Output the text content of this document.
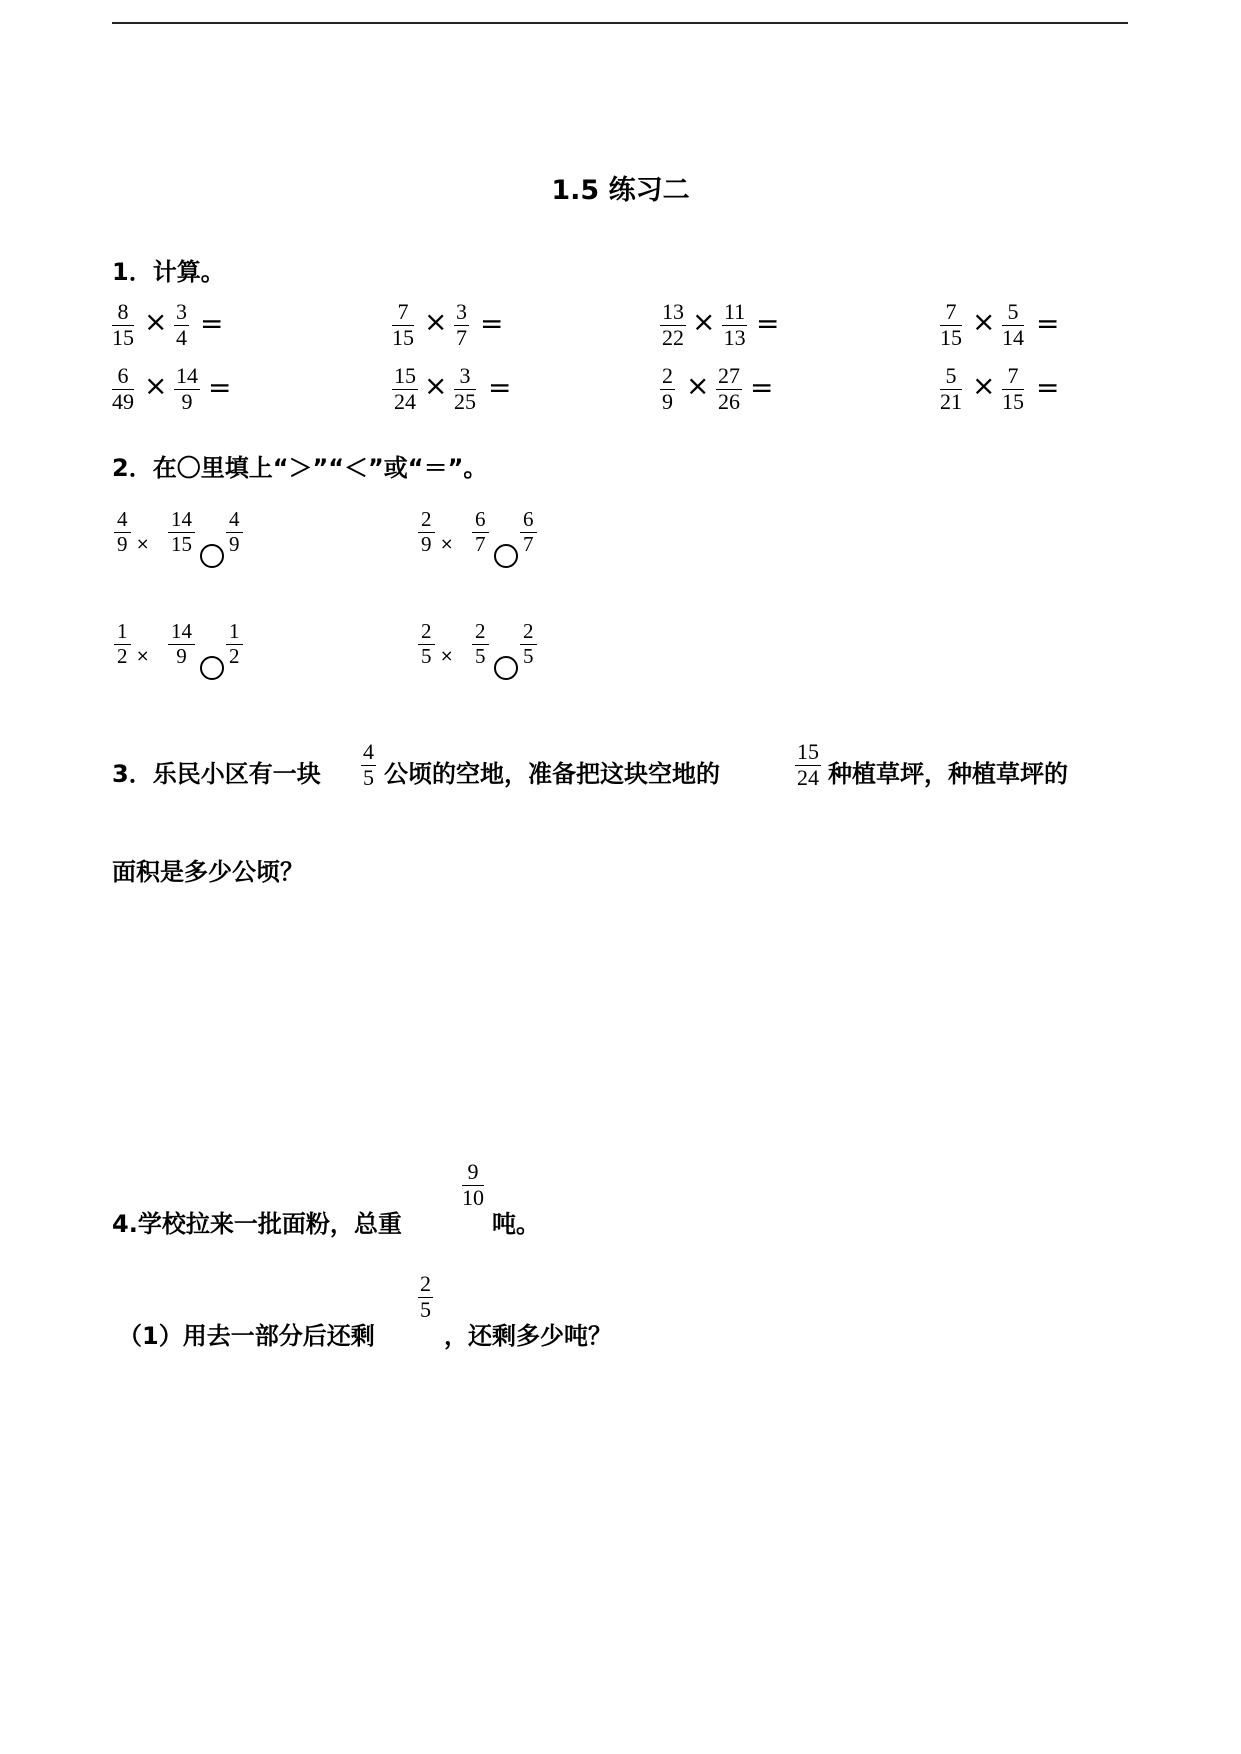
1.5 练习二
1．计算。
$\frac{8}{15} \times \frac{3}{4}$ =	$\frac{7}{15} \times \frac{3}{7}$ =	$\frac{13}{22} \times \frac{11}{13}$ =	$\frac{7}{15} \times \frac{5}{14}$ =
$\frac{6}{49} \times \frac{14}{9}$ =	$\frac{15}{24} \times \frac{3}{25}$ =	$\frac{2}{9} \times \frac{27}{26}$ =	$\frac{5}{21} \times \frac{7}{15}$ =
2．在〇里填上“＞”“＜”或“＝”。
$\frac{4}{9} \times \frac{14}{15} \frac{4}{9}$	$\frac{2}{9} \times \frac{6}{7} \frac{6}{7}$
$\frac{1}{2} \times \frac{14}{9} \frac{1}{2}$	$\frac{2}{5} \times \frac{2}{5} \frac{2}{5}$
3．乐民小区有一块 $\frac{4}{5}$ 公顷的空地，准备把这块空地的	$\frac{15}{24}$ 种植草坪，种植草坪的
面积是多少公顷？
4.学校拉来一批面粉，总重
$\frac{9}{10}$
吨。
（1）用去一部分后还剩
$\frac{2}{5}$
，还剩多少吨？
